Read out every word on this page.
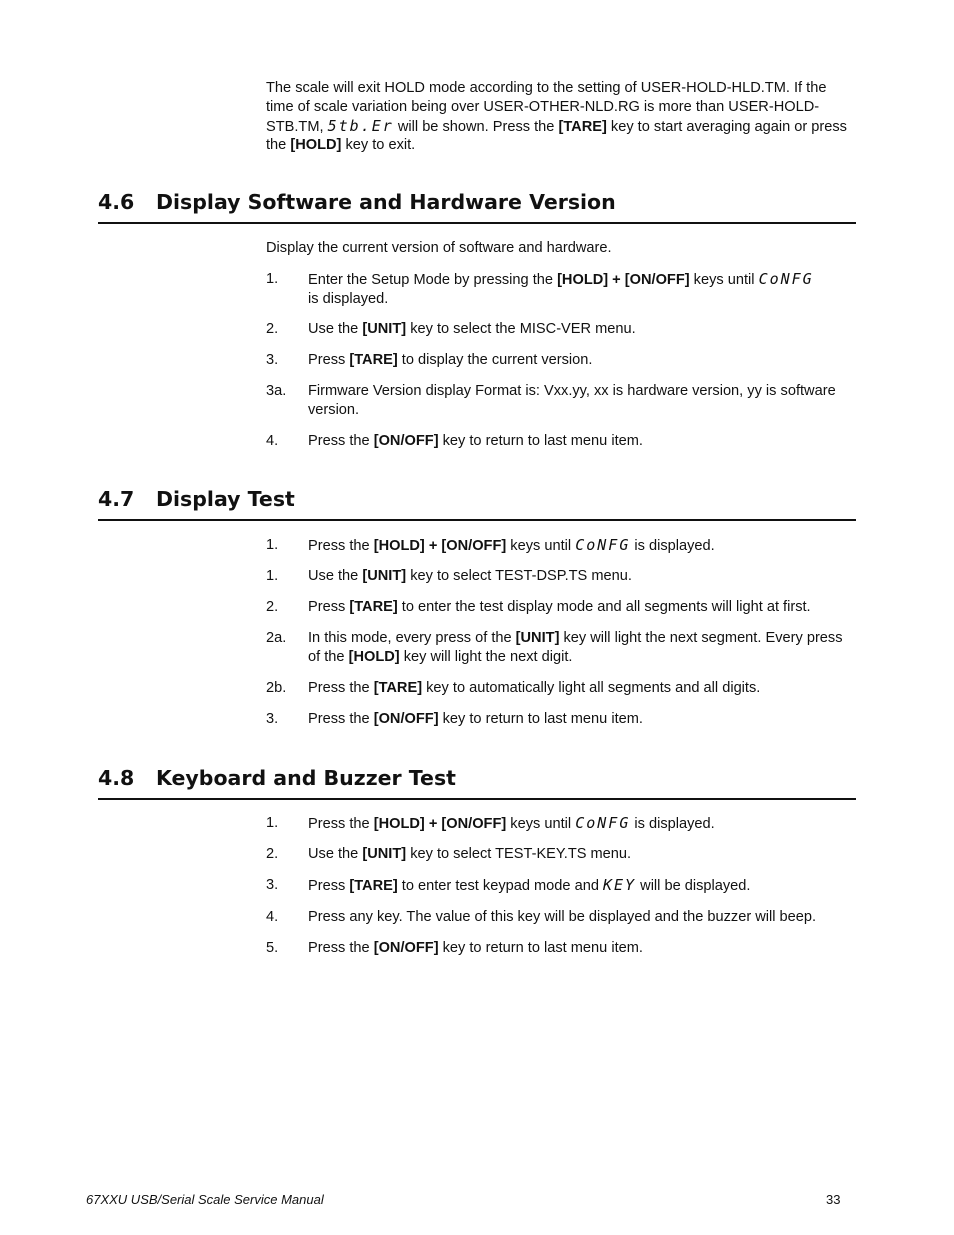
The scale will exit HOLD mode according to the setting of USER-HOLD-HLD.TM. If the time of scale variation being over USER-OTHER-NLD.RG is more than USER-HOLD-STB.TM, 5tb.Er will be shown. Press the [TARE] key to start averaging again or press the [HOLD] key to exit.

4.6 Display Software and Hardware Version

Display the current version of software and hardware.

1. Enter the Setup Mode by pressing the [HOLD] + [ON/OFF] keys until CoNFG
is displayed.
2. Use the [UNIT] key to select the MISC-VER menu.
3. Press [TARE] to display the current version.
3a. Firmware Version display Format is: Vxx.yy, xx is hardware version, yy is software version.
4. Press the [ON/OFF] key to return to last menu item.
4.7 Display Test
1. Press the [HOLD] + [ON/OFF] keys until CoNFG is displayed.
1. Use the [UNIT] key to select TEST-DSP.TS menu.
2. Press [TARE] to enter the test display mode and all segments will light at first.
2a. In this mode, every press of the [UNIT] key will light the next segment. Every press of the [HOLD] key will light the next digit.
2b. Press the [TARE] key to automatically light all segments and all digits.
3. Press the [ON/OFF] key to return to last menu item.
4.8 Keyboard and Buzzer Test
1. Press the [HOLD] + [ON/OFF] keys until CoNFG is displayed.
2. Use the [UNIT] key to select TEST-KEY.TS menu.
3. Press [TARE] to enter test keypad mode and KEY will be displayed.
4. Press any key. The value of this key will be displayed and the buzzer will beep.
5. Press the [ON/OFF] key to return to last menu item.
67XXU USB/Serial Scale Service Manual	33
